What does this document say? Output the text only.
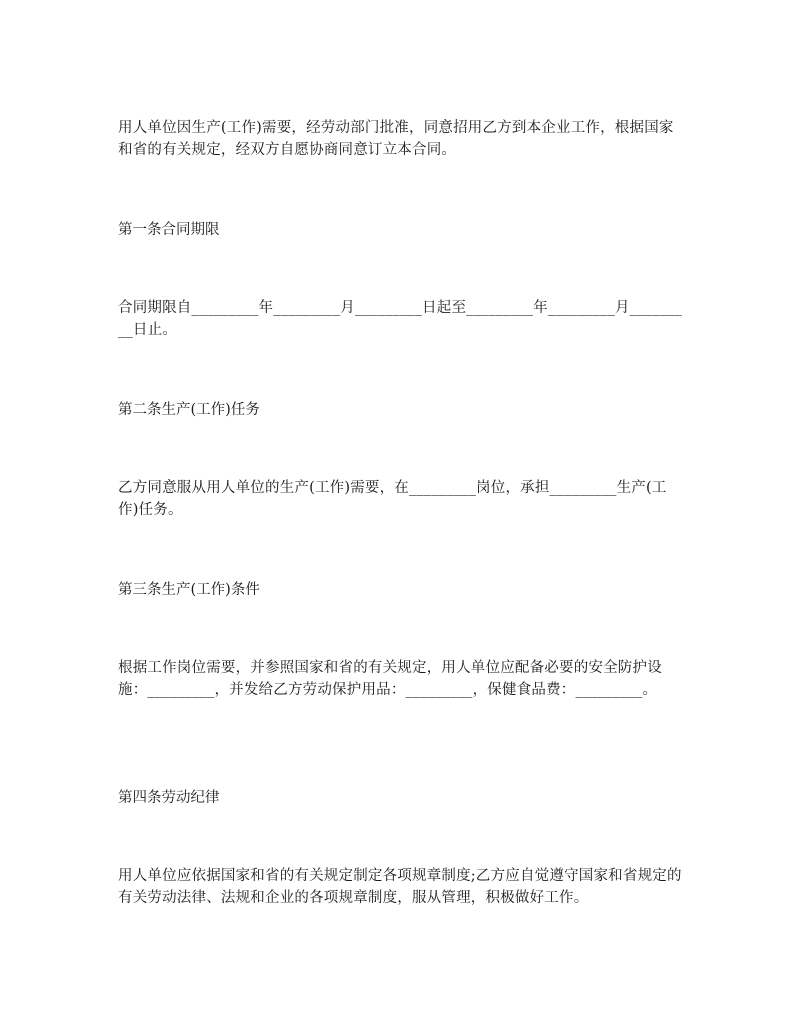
用人单位因生产(工作)需要，经劳动部门批准，同意招用乙方到本企业工作，根据国家和省的有关规定，经双方自愿协商同意订立本合同。

第一条合同期限

合同期限自_________年_________月_________日起至_________年_________月_________日止。

第二条生产(工作)任务

乙方同意服从用人单位的生产(工作)需要，在_________岗位，承担_________生产(工作)任务。

第三条生产(工作)条件

根据工作岗位需要，并参照国家和省的有关规定，用人单位应配备必要的安全防护设施：_________，并发给乙方劳动保护用品：_________，保健食品费：_________。

第四条劳动纪律

用人单位应依据国家和省的有关规定制定各项规章制度;乙方应自觉遵守国家和省规定的有关劳动法律、法规和企业的各项规章制度，服从管理，积极做好工作。
